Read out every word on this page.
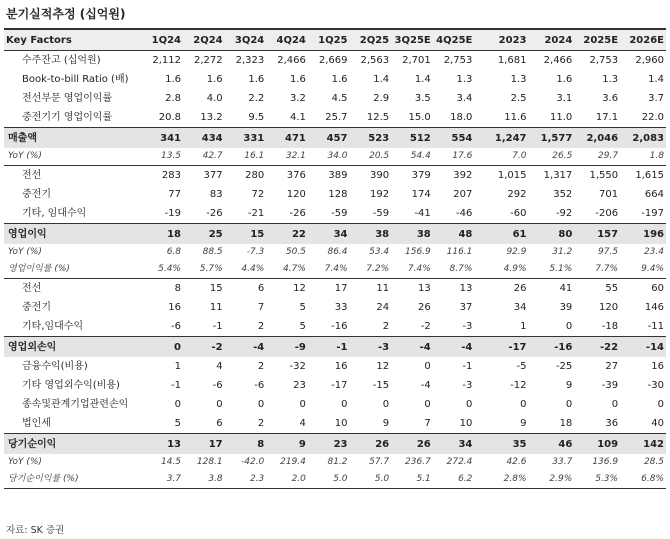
분기실적추정 (십억원)
Key Factors	1Q24	2Q24	3Q24	4Q24	1Q25	2Q25	3Q25E	4Q25E		2023	2024	2025E	2026E
수주잔고 (십억원)	2,112	2,272	2,323	2,466	2,669	2,563	2,701	2,753		1,681	2,466	2,753	2,960
Book-to-bill Ratio (배)	1.6	1.6	1.6	1.6	1.6	1.4	1.4	1.3		1.3	1.6	1.3	1.4
전선부문 영업이익률	2.8	4.0	2.2	3.2	4.5	2.9	3.5	3.4		2.5	3.1	3.6	3.7
중전기기 영업이익률	20.8	13.2	9.5	4.1	25.7	12.5	15.0	18.0		11.6	11.0	17.1	22.0
매출액	341	434	331	471	457	523	512	554		1,247	1,577	2,046	2,083
YoY (%)	13.5	42.7	16.1	32.1	34.0	20.5	54.4	17.6		7.0	26.5	29.7	1.8
전선	283	377	280	376	389	390	379	392		1,015	1,317	1,550	1,615
중전기	77	83	72	120	128	192	174	207		292	352	701	664
기타, 임대수익	-19	-26	-21	-26	-59	-59	-41	-46		-60	-92	-206	-197
영업이익	18	25	15	22	34	38	38	48		61	80	157	196
YoY (%)	6.8	88.5	-7.3	50.5	86.4	53.4	156.9	116.1		92.9	31.2	97.5	23.4
영업이익률 (%)	5.4%	5.7%	4.4%	4.7%	7.4%	7.2%	7.4%	8.7%		4.9%	5.1%	7.7%	9.4%
전선	8	15	6	12	17	11	13	13		26	41	55	60
중전기	16	11	7	5	33	24	26	37		34	39	120	146
기타,임대수익	-6	-1	2	5	-16	2	-2	-3		1	0	-18	-11
영업외손익	0	-2	-4	-9	-1	-3	-4	-4		-17	-16	-22	-14
금융수익(비용)	1	4	2	-32	16	12	0	-1		-5	-25	27	16
기타 영업외수익(비용)	-1	-6	-6	23	-17	-15	-4	-3		-12	9	-39	-30
종속및관계기업관련손익	0	0	0	0	0	0	0	0		0	0	0	0
법인세	5	6	2	4	10	9	7	10		9	18	36	40
당기순이익	13	17	8	9	23	26	26	34		35	46	109	142
YoY (%)	14.5	128.1	-42.0	219.4	81.2	57.7	236.7	272.4		42.6	33.7	136.9	28.5
당기순이익률 (%)	3.7	3.8	2.3	2.0	5.0	5.0	5.1	6.2		2.8%	2.9%	5.3%	6.8%
자료: SK 증권
